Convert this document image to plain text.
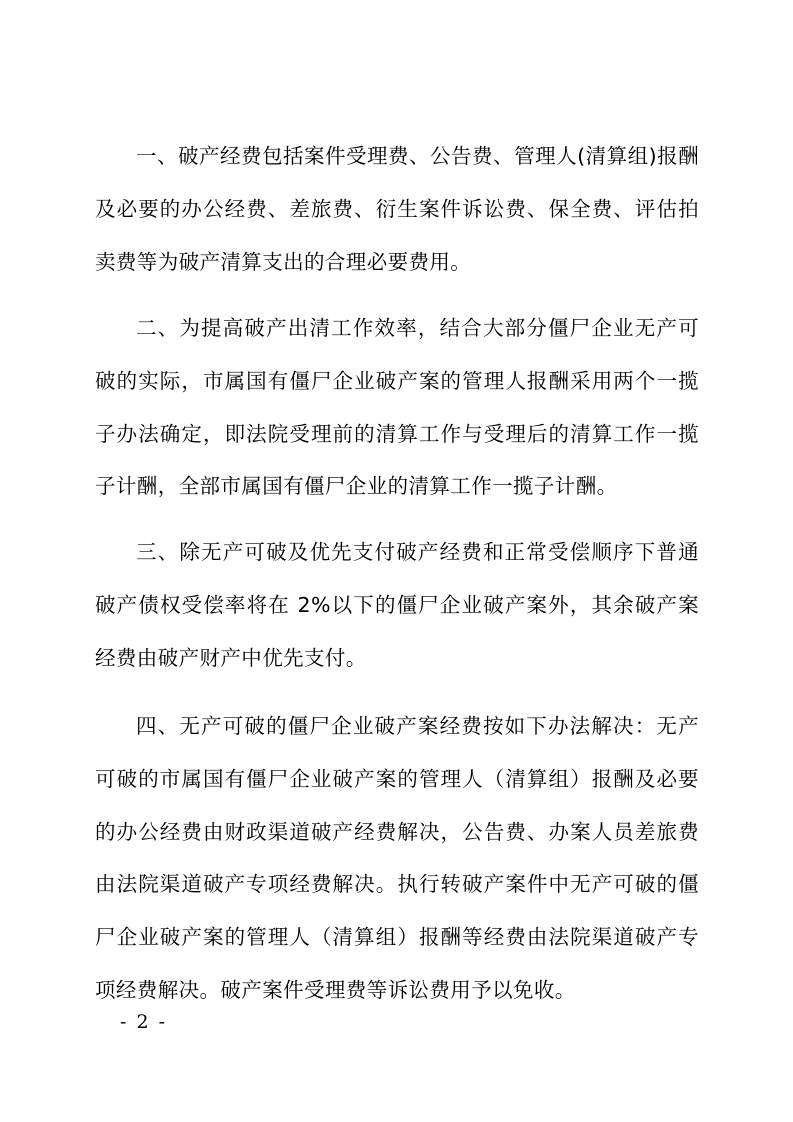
一、破产经费包括案件受理费、公告费、管理人(清算组)报酬及必要的办公经费、差旅费、衍生案件诉讼费、保全费、评估拍卖费等为破产清算支出的合理必要费用。

二、为提高破产出清工作效率，结合大部分僵尸企业无产可破的实际，市属国有僵尸企业破产案的管理人报酬采用两个一揽子办法确定，即法院受理前的清算工作与受理后的清算工作一揽子计酬，全部市属国有僵尸企业的清算工作一揽子计酬。

三、除无产可破及优先支付破产经费和正常受偿顺序下普通破产债权受偿率将在 2%以下的僵尸企业破产案外，其余破产案经费由破产财产中优先支付。

四、无产可破的僵尸企业破产案经费按如下办法解决：无产可破的市属国有僵尸企业破产案的管理人（清算组）报酬及必要的办公经费由财政渠道破产经费解决，公告费、办案人员差旅费由法院渠道破产专项经费解决。执行转破产案件中无产可破的僵尸企业破产案的管理人（清算组）报酬等经费由法院渠道破产专项经费解决。破产案件受理费等诉讼费用予以免收。

- 2 -
